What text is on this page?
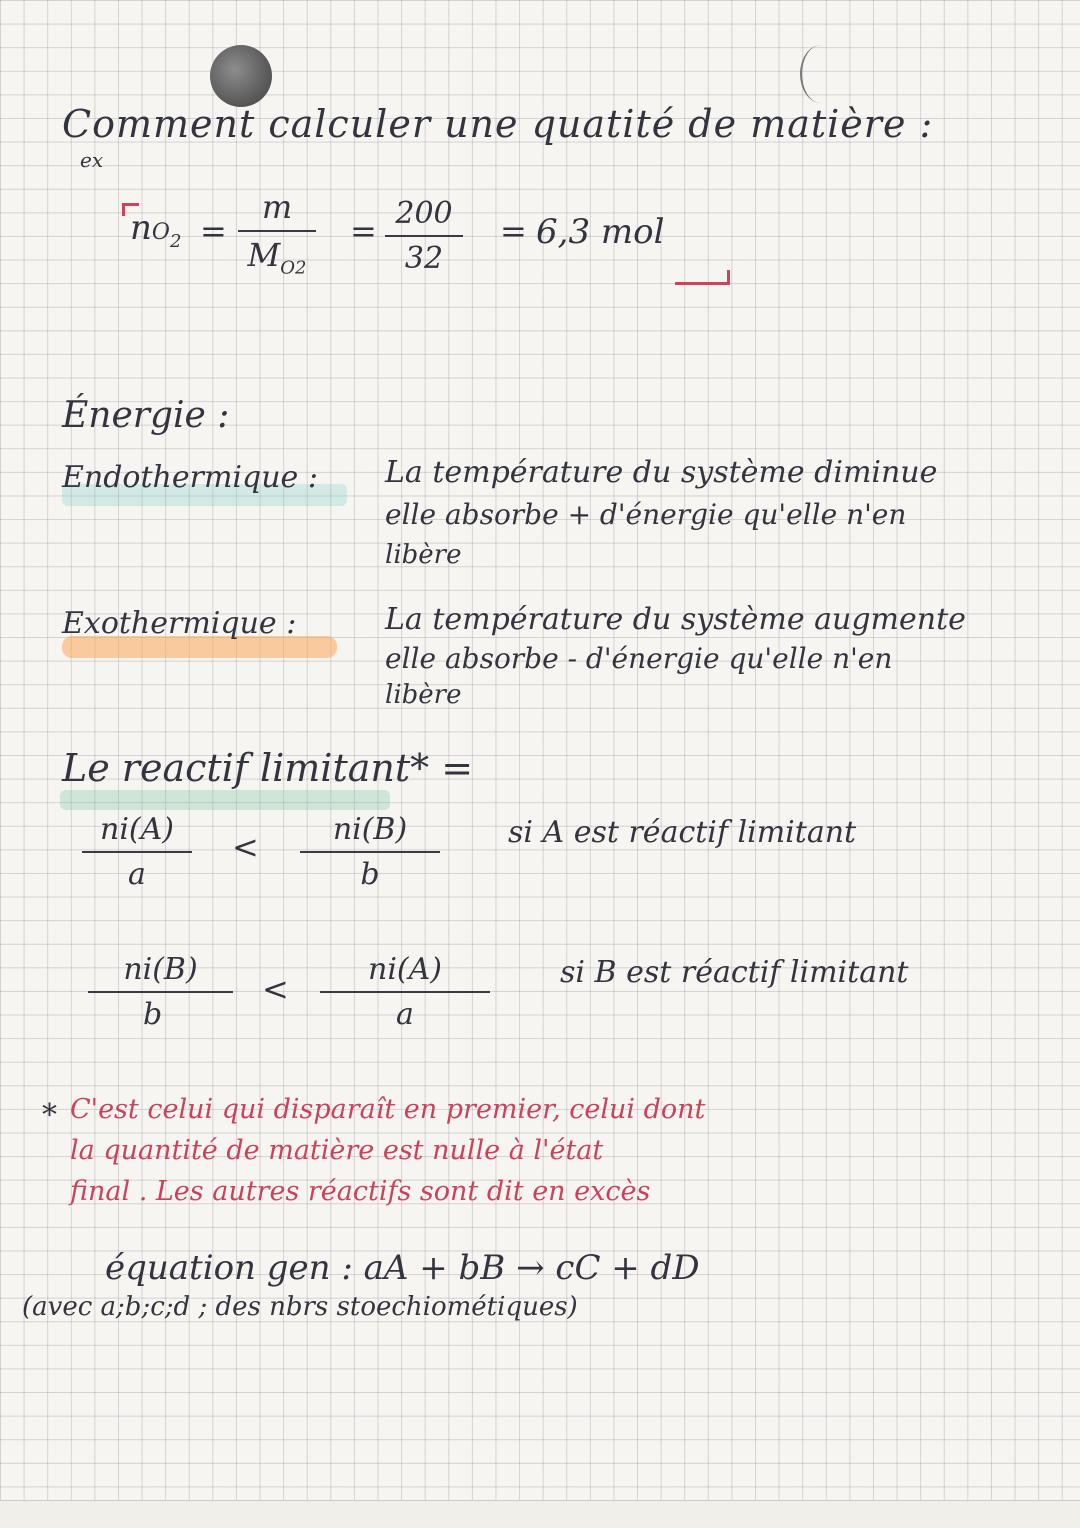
Comment calculer une quatité de matière :
ex
$nO_2$ =
m
$M_{O2}$
= 200
32
= 6,3 mol
Énergie :
Endothermique : La température du système diminue
elle absorbe + d'énergie qu'elle n'en
libère
Exothermique :	La température du système augmente
elle absorbe - d'énergie qu'elle n'en
libère
Le reactif limitant* =
ni(A)
a
<	ni(B)
b
si A est réactif limitant
ni(B)
b
<
ni(A)
a
si B est réactif limitant
* C'est celui qui disparaît en premier, celui dont
la quantité de matière est nulle à l'état
final . Les autres réactifs sont dit en excès
équation gen : aA + bB → cC + dD
(avec a;b;c;d ; des nbrs stoechiométiques)
